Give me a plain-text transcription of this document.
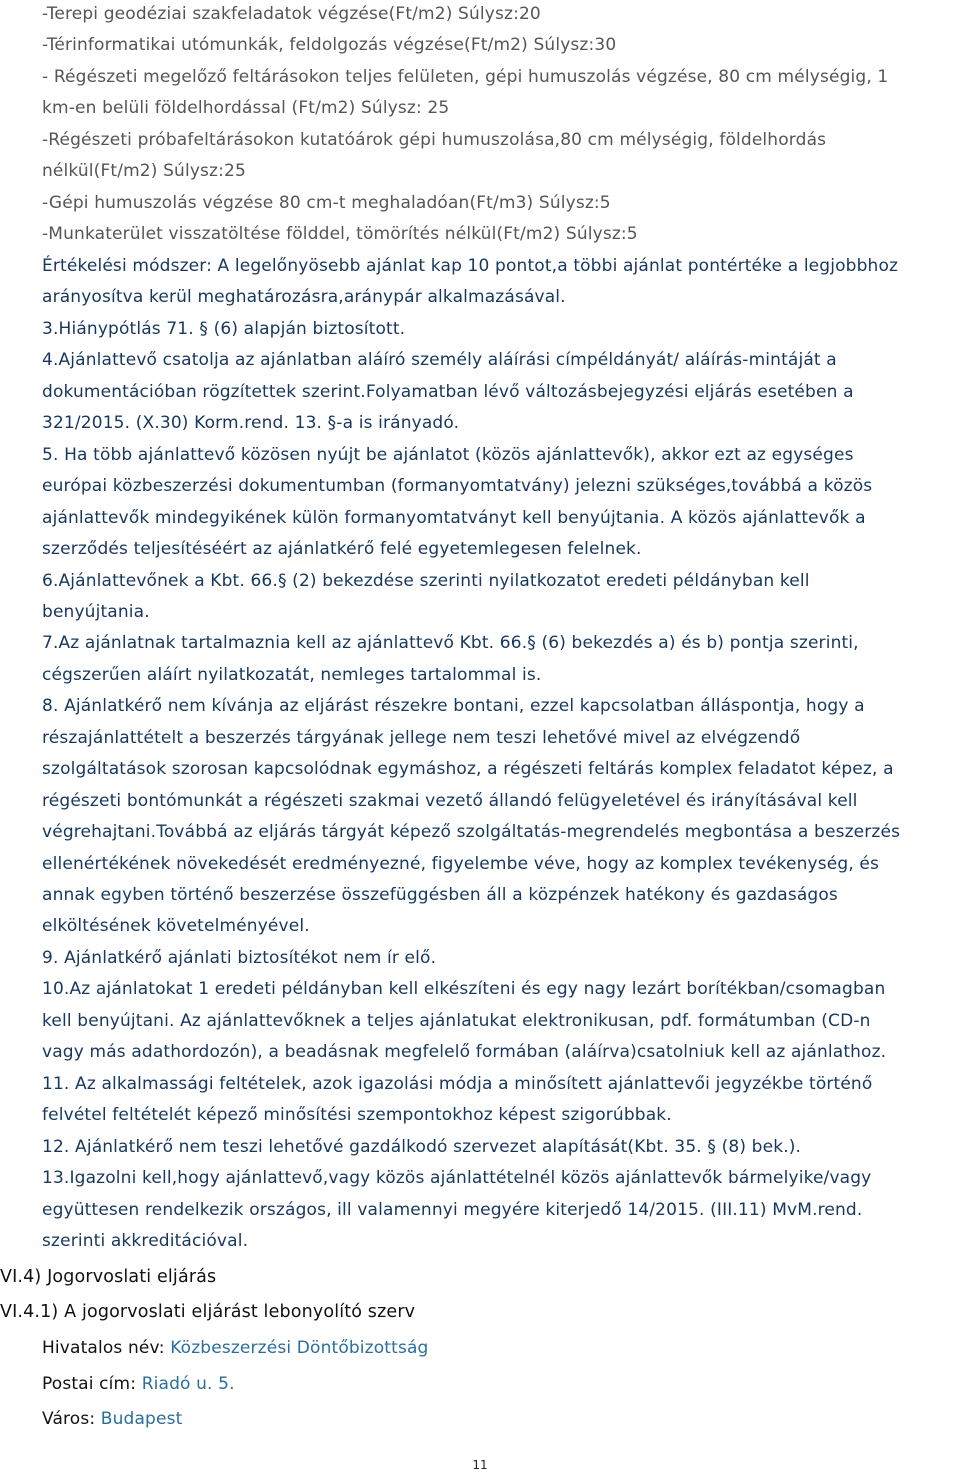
-Terepi geodéziai szakfeladatok végzése(Ft/m2) Súlysz:20
-Térinformatikai utómunkák, feldolgozás végzése(Ft/m2) Súlysz:30
- Régészeti megelőző feltárásokon teljes felületen, gépi humuszolás végzése, 80 cm mélységig, 1
km-en belüli földelhordással (Ft/m2) Súlysz: 25
-Régészeti próbafeltárásokon kutatóárok gépi humuszolása,80 cm mélységig, földelhordás
nélkül(Ft/m2) Súlysz:25
-Gépi humuszolás végzése 80 cm-t meghaladóan(Ft/m3) Súlysz:5
-Munkaterület visszatöltése földdel, tömörítés nélkül(Ft/m2) Súlysz:5
Értékelési módszer: A legelőnyösebb ajánlat kap 10 pontot,a többi ajánlat pontértéke a legjobbhoz
arányosítva kerül meghatározásra,aránypár alkalmazásával.
3.Hiánypótlás 71. § (6) alapján biztosított.
4.Ajánlattevő csatolja az ajánlatban aláíró személy aláírási címpéldányát/ aláírás-mintáját a
dokumentációban rögzítettek szerint.Folyamatban lévő változásbejegyzési eljárás esetében a
321/2015. (X.30) Korm.rend. 13. §-a is irányadó.
5. Ha több ajánlattevő közösen nyújt be ajánlatot (közös ajánlattevők), akkor ezt az egységes
európai közbeszerzési dokumentumban (formanyomtatvány) jelezni szükséges,továbbá a közös
ajánlattevők mindegyikének külön formanyomtatványt kell benyújtania. A közös ajánlattevők a
szerződés teljesítéséért az ajánlatkérő felé egyetemlegesen felelnek.
6.Ajánlattevőnek a Kbt. 66.§ (2) bekezdése szerinti nyilatkozatot eredeti példányban kell
benyújtania.
7.Az ajánlatnak tartalmaznia kell az ajánlattevő Kbt. 66.§ (6) bekezdés a) és b) pontja szerinti,
cégszerűen aláírt nyilatkozatát, nemleges tartalommal is.
8. Ajánlatkérő nem kívánja az eljárást részekre bontani, ezzel kapcsolatban álláspontja, hogy a
részajánlattételt a beszerzés tárgyának jellege nem teszi lehetővé mivel az elvégzendő
szolgáltatások szorosan kapcsolódnak egymáshoz, a régészeti feltárás komplex feladatot képez, a
régészeti bontómunkát a régészeti szakmai vezető állandó felügyeletével és irányításával kell
végrehajtani.Továbbá az eljárás tárgyát képező szolgáltatás-megrendelés megbontása a beszerzés
ellenértékének növekedését eredményezné, figyelembe véve, hogy az komplex tevékenység, és
annak egyben történő beszerzése összefüggésben áll a közpénzek hatékony és gazdaságos
elköltésének követelményével.
9. Ajánlatkérő ajánlati biztosítékot nem ír elő.
10.Az ajánlatokat 1 eredeti példányban kell elkészíteni és egy nagy lezárt borítékban/csomagban
kell benyújtani. Az ajánlattevőknek a teljes ajánlatukat elektronikusan, pdf. formátumban (CD-n
vagy más adathordozón), a beadásnak megfelelő formában (aláírva)csatolniuk kell az ajánlathoz.
11. Az alkalmassági feltételek, azok igazolási módja a minősített ajánlattevői jegyzékbe történő
felvétel feltételét képező minősítési szempontokhoz képest szigorúbbak.
12. Ajánlatkérő nem teszi lehetővé gazdálkodó szervezet alapítását(Kbt. 35. § (8) bek.).
13.Igazolni kell,hogy ajánlattevő,vagy közös ajánlattételnél közös ajánlattevők bármelyike/vagy
együttesen rendelkezik országos, ill valamennyi megyére kiterjedő 14/2015. (III.11) MvM.rend.
szerinti akkreditációval.
VI.4) Jogorvoslati eljárás
VI.4.1) A jogorvoslati eljárást lebonyolító szerv
Hivatalos név: Közbeszerzési Döntőbizottság
Postai cím: Riadó u. 5.
Város: Budapest
11
